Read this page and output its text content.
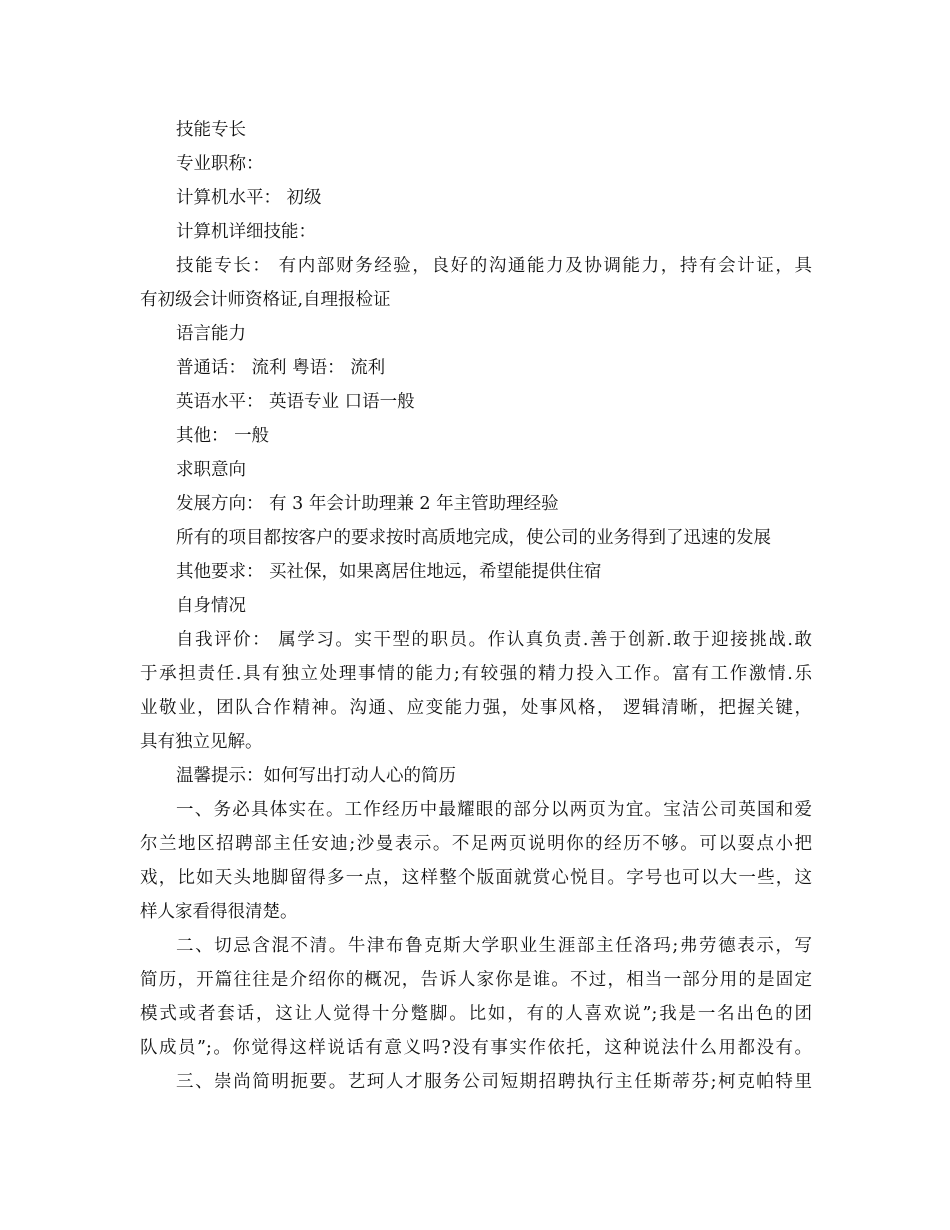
技能专长
专业职称：
计算机水平： 初级
计算机详细技能：
技能专长： 有内部财务经验，良好的沟通能力及协调能力，持有会计证，具
有初级会计师资格证,自理报检证
语言能力
普通话： 流利 粤语： 流利
英语水平： 英语专业 口语一般
其他： 一般
求职意向
发展方向： 有 3 年会计助理兼 2 年主管助理经验
所有的项目都按客户的要求按时高质地完成，使公司的业务得到了迅速的发展
其他要求： 买社保，如果离居住地远，希望能提供住宿
自身情况
自我评价： 属学习。实干型的职员。作认真负责.善于创新.敢于迎接挑战.敢
于承担责任.具有独立处理事情的能力;有较强的精力投入工作。富有工作激情.乐
业敬业，团队合作精神。沟通、应变能力强，处事风格， 逻辑清晰，把握关键，
具有独立见解。
温馨提示：如何写出打动人心的简历
一、务必具体实在。工作经历中最耀眼的部分以两页为宜。宝洁公司英国和爱
尔兰地区招聘部主任安迪;沙曼表示。不足两页说明你的经历不够。可以耍点小把
戏，比如天头地脚留得多一点，这样整个版面就赏心悦目。字号也可以大一些，这
样人家看得很清楚。
二、切忌含混不清。牛津布鲁克斯大学职业生涯部主任洛玛;弗劳德表示，写
简历，开篇往往是介绍你的概况，告诉人家你是谁。不过，相当一部分用的是固定
模式或者套话，这让人觉得十分蹩脚。比如，有的人喜欢说”;我是一名出色的团
队成员”;。你觉得这样说话有意义吗?没有事实作依托，这种说法什么用都没有。
三、崇尚简明扼要。艺珂人才服务公司短期招聘执行主任斯蒂芬;柯克帕特里
